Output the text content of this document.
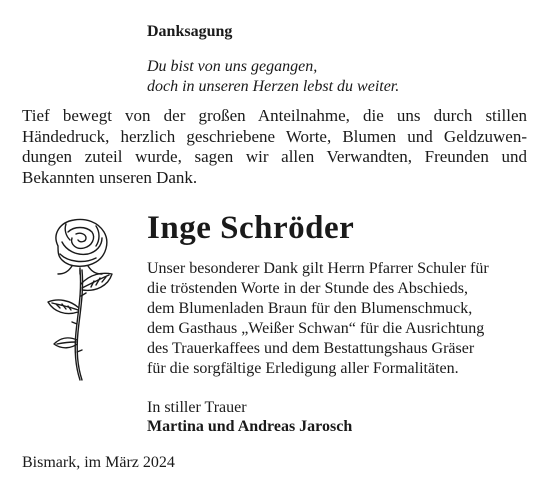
Danksagung
Du bist von uns gegangen,
doch in unseren Herzen lebst du weiter.
Tief bewegt von der großen Anteilnahme, die uns durch stillen Händedruck, herzlich geschriebene Worte, Blumen und Geldzuwen- dungen zuteil wurde, sagen wir allen Verwandten, Freunden und Bekannten unseren Dank.
Inge Schröder

Unser besonderer Dank gilt Herrn Pfarrer Schuler für

die tröstenden Worte in der Stunde des Abschieds,

dem Blumenladen Braun für den Blumenschmuck,

dem Gasthaus „Weißer Schwan“ für die Ausrichtung

des Trauerkaffees und dem Bestattungshaus Gräser

für die sorgfältige Erledigung aller Formalitäten.

In stiller Trauer
Martina und Andreas Jarosch
Bismark, im März 2024
